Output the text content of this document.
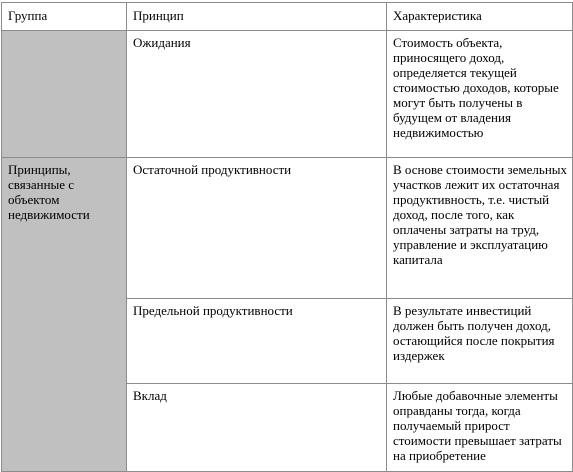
Группа	Принцип	Характеристика

	Ожидания	Стоимость объекта, приносящего доход, определяется текущей стоимостью доходов, которые могут быть получены в будущем от владения недвижимостью

Принципы, связанные с объектом недвижимости	Остаточной продуктивности	В основе стоимости земельных участков лежит их остаточная продуктивность, т.е. чистый доход, после того, как оплачены затраты на труд, управление и эксплуатацию капитала

	Предельной продуктивности	В результате инвестиций должен быть получен доход, остающийся после покрытия издержек

	Вклад	Любые добавочные элементы оправданы тогда, когда получаемый прирост стоимости превышает затраты на приобретение
